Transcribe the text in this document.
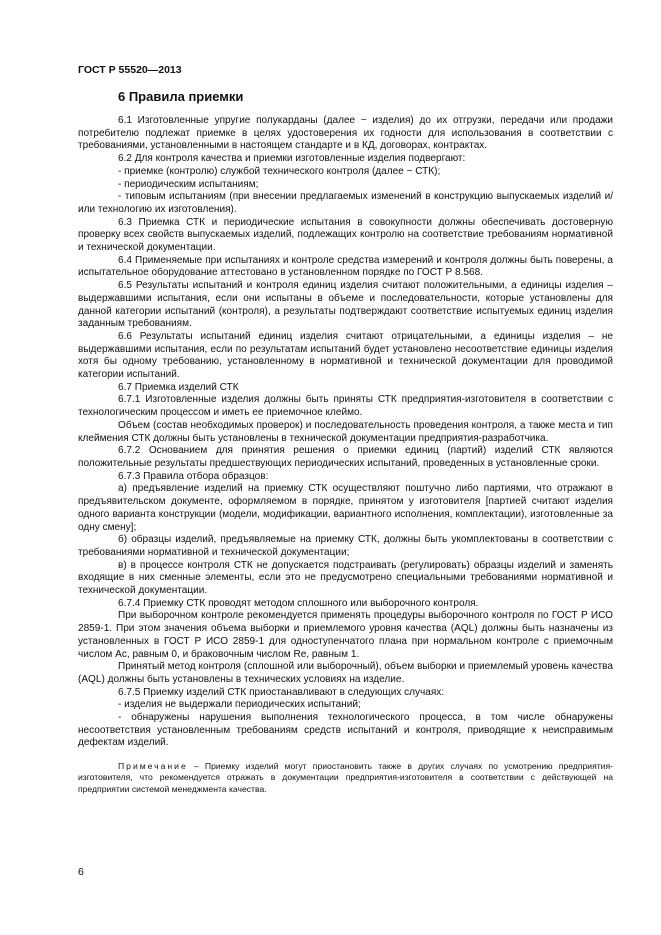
ГОСТ Р 55520—2013
6 Правила приемки

6.1 Изготовленные упругие полукарданы (далее − изделия) до их отгрузки, передачи или продажи потребителю подлежат приемке в целях удостоверения их годности для использования в соответствии с требованиями, установленными в настоящем стандарте и в КД, договорах, контрактах.

6.2 Для контроля качества и приемки изготовленные изделия подвергают:

- приемке (контролю) службой технического контроля (далее − СТК);

- периодическим испытаниям;

- типовым испытаниям (при внесении предлагаемых изменений в конструкцию выпускаемых изделий и/или технологию их изготовления).

6.3 Приемка СТК и периодические испытания в совокупности должны обеспечивать достоверную проверку всех свойств выпускаемых изделий, подлежащих контролю на соответствие требованиям нормативной и технической документации.

6.4 Применяемые при испытаниях и контроле средства измерений и контроля должны быть поверены, а испытательное оборудование аттестовано в установленном порядке по ГОСТ Р 8.568.

6.5 Результаты испытаний и контроля единиц изделия считают положительными, а единицы изделия – выдержавшими испытания, если они испытаны в объеме и последовательности, которые установлены для данной категории испытаний (контроля), а результаты подтверждают соответствие испытуемых единиц изделия заданным требованиям.

6.6 Результаты испытаний единиц изделия считают отрицательными, а единицы изделия – не выдержавшими испытания, если по результатам испытаний будет установлено несоответствие единицы изделия хотя бы одному требованию, установленному в нормативной и технической документации для проводимой категории испытаний.

6.7 Приемка изделий СТК

6.7.1 Изготовленные изделия должны быть приняты СТК предприятия-изготовителя в соответствии с технологическим процессом и иметь ее приемочное клеймо.

Объем (состав необходимых проверок) и последовательность проведения контроля, а также места и тип клеймения СТК должны быть установлены в технической документации предприятия-разработчика.

6.7.2 Основанием для принятия решения о приемки единиц (партий) изделий СТК являются положительные результаты предшествующих периодических испытаний, проведенных в установленные сроки.

6.7.3 Правила отбора образцов:

а) предъявление изделий на приемку СТК осуществляют поштучно либо партиями, что отражают в предъявительском документе, оформляемом в порядке, принятом у изготовителя [партией считают изделия одного варианта конструкции (модели, модификации, вариантного исполнения, комплектации), изготовленные за одну смену];

б) образцы изделий, предъявляемые на приемку СТК, должны быть укомплектованы в соответствии с требованиями нормативной и технической документации;

в) в процессе контроля СТК не допускается подстраивать (регулировать) образцы изделий и заменять входящие в них сменные элементы, если это не предусмотрено специальными требованиями нормативной и технической документации.

6.7.4 Приемку СТК проводят методом сплошного или выборочного контроля.

При выборочном контроле рекомендуется применять процедуры выборочного контроля по ГОСТ Р ИСО 2859-1. При этом значения объема выборки и приемлемого уровня качества (AQL) должны быть назначены из установленных в ГОСТ Р ИСО 2859-1 для одноступенчатого плана при нормальном контроле с приемочным числом Ac, равным 0, и браковочным числом Re, равным 1.

Принятый метод контроля (сплошной или выборочный), объем выборки и приемлемый уровень качества (AQL) должны быть установлены в технических условиях на изделие.

6.7.5 Приемку изделий СТК приостанавливают в следующих случаях:

- изделия не выдержали периодических испытаний;

- обнаружены нарушения выполнения технологического процесса, в том числе обнаружены несоответствия установленным требованиям средств испытаний и контроля, приводящие к неисправимым дефектам изделий.

Примечание – Приемку изделий могут приостановить также в других случаях по усмотрению предприятия-изготовителя, что рекомендуется отражать в документации предприятия-изготовителя в соответствии с действующей на предприятии системой менеджмента качества.

6
